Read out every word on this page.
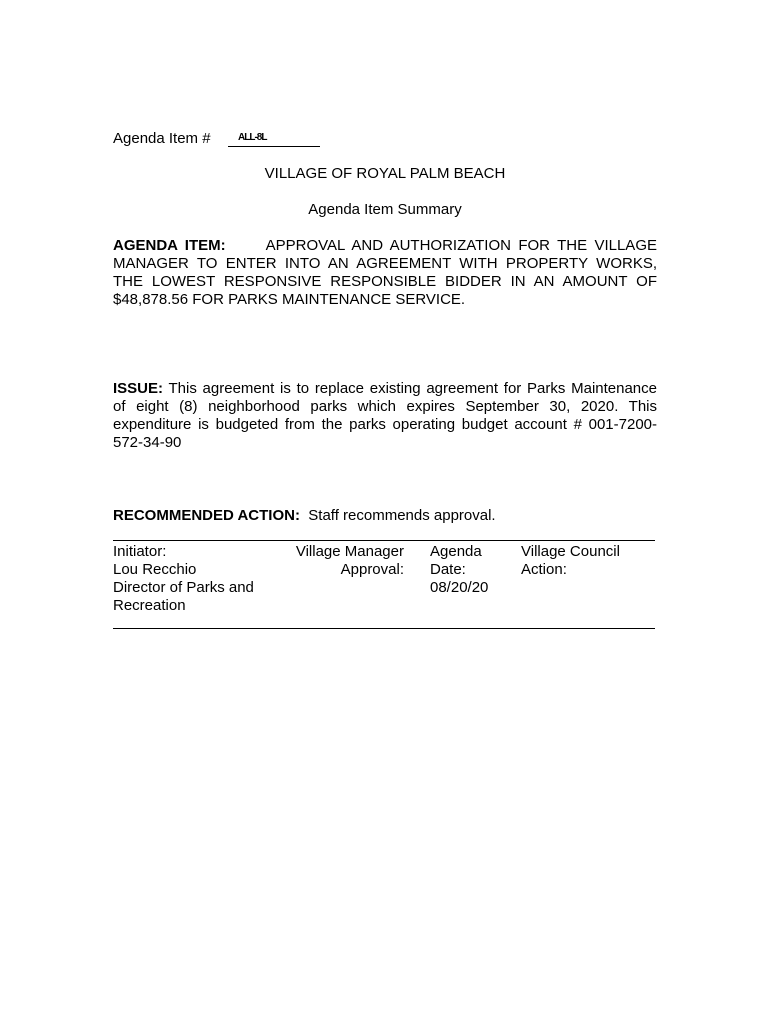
Agenda Item #	ALL-8L
VILLAGE OF ROYAL PALM BEACH
Agenda Item Summary
AGENDA ITEM:	APPROVAL AND AUTHORIZATION FOR THE VILLAGE MANAGER TO ENTER INTO AN AGREEMENT WITH PROPERTY WORKS, THE LOWEST RESPONSIVE RESPONSIBLE BIDDER IN AN AMOUNT OF $48,878.56 FOR PARKS MAINTENANCE SERVICE.
ISSUE: This agreement is to replace existing agreement for Parks Maintenance of eight (8) neighborhood parks which expires September 30, 2020. This expenditure is budgeted from the parks operating budget account # 001-7200-572-34-90
RECOMMENDED ACTION: Staff recommends approval.
Initiator:
Lou Recchio
Director of Parks and
Recreation
Village Manager
Approval:
Agenda
Date:
08/20/20
Village Council
Action:
